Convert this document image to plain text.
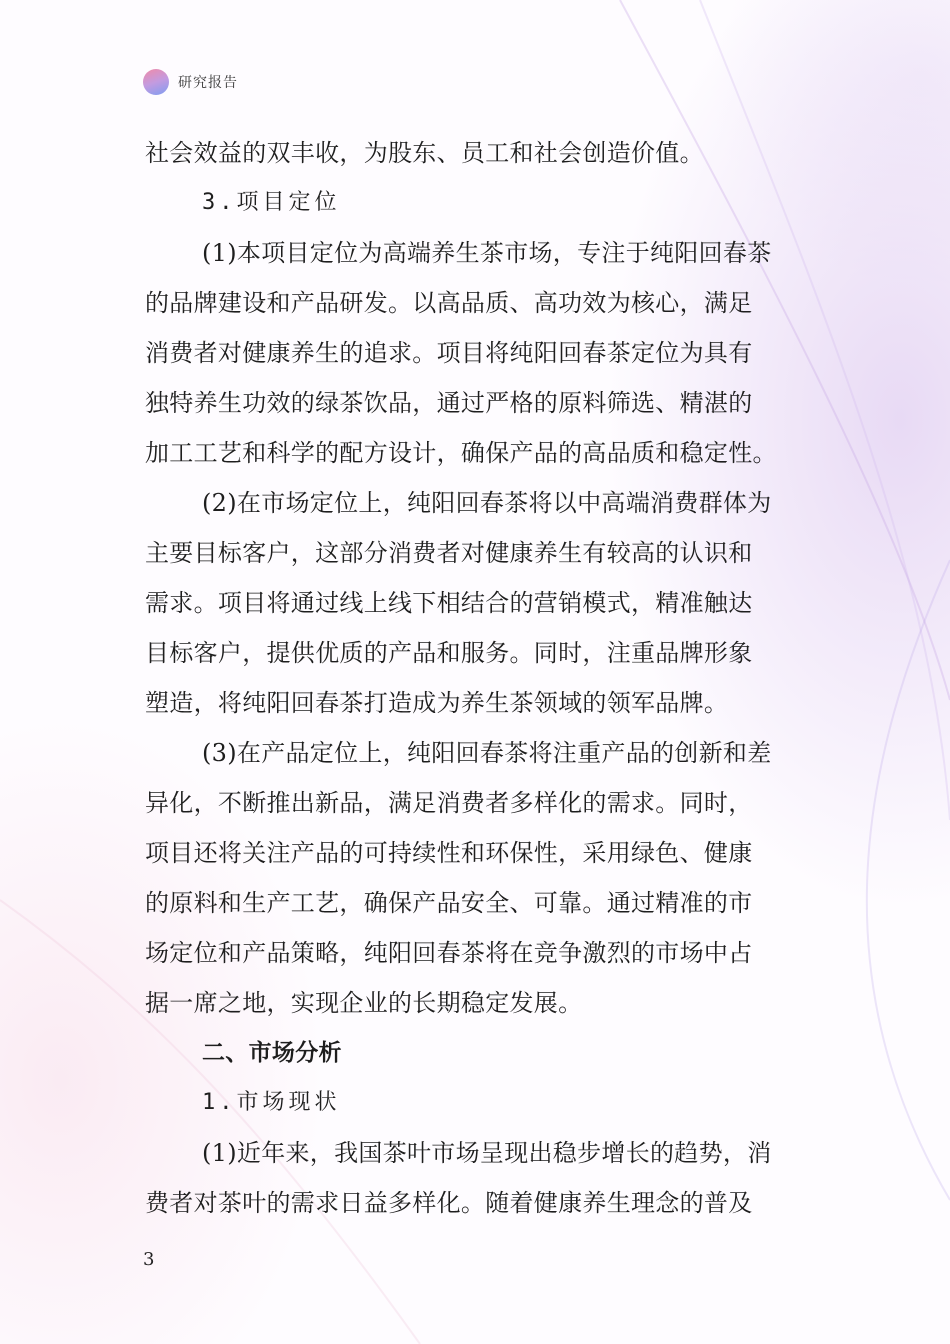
研究报告
社会效益的双丰收，为股东、员工和社会创造价值。
3.项目定位
(1)本项目定位为高端养生茶市场，专注于纯阳回春茶
的品牌建设和产品研发。以高品质、高功效为核心，满足
消费者对健康养生的追求。项目将纯阳回春茶定位为具有
独特养生功效的绿茶饮品，通过严格的原料筛选、精湛的
加工工艺和科学的配方设计，确保产品的高品质和稳定性。
(2)在市场定位上，纯阳回春茶将以中高端消费群体为
主要目标客户，这部分消费者对健康养生有较高的认识和
需求。项目将通过线上线下相结合的营销模式，精准触达
目标客户，提供优质的产品和服务。同时，注重品牌形象
塑造，将纯阳回春茶打造成为养生茶领域的领军品牌。
(3)在产品定位上，纯阳回春茶将注重产品的创新和差
异化，不断推出新品，满足消费者多样化的需求。同时，
项目还将关注产品的可持续性和环保性，采用绿色、健康
的原料和生产工艺，确保产品安全、可靠。通过精准的市
场定位和产品策略，纯阳回春茶将在竞争激烈的市场中占
据一席之地，实现企业的长期稳定发展。
二、市场分析
1.市场现状
(1)近年来，我国茶叶市场呈现出稳步增长的趋势，消
费者对茶叶的需求日益多样化。随着健康养生理念的普及
3
